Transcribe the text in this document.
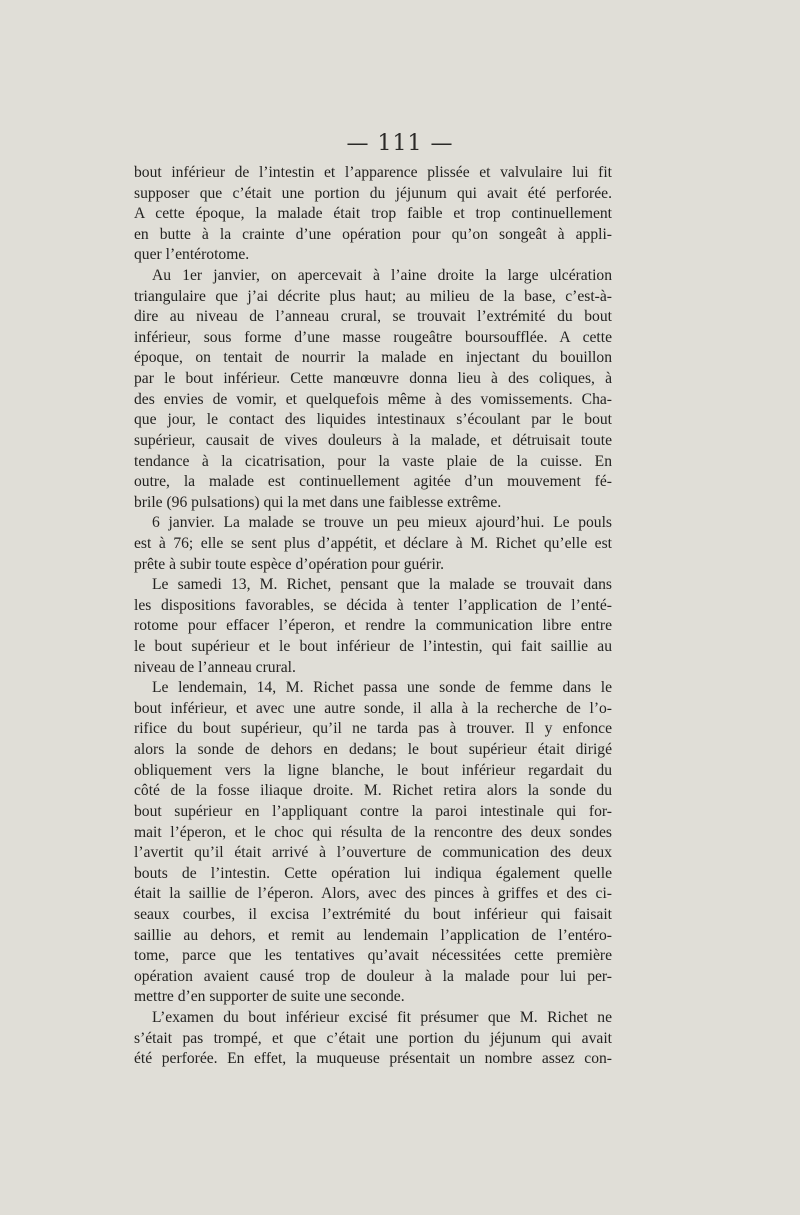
— 111 —
bout inférieur de l’intestin et l’apparence plissée et valvulaire lui fit
supposer que c’était une portion du jéjunum qui avait été perforée.
A cette époque, la malade était trop faible et trop continuellement
en butte à la crainte d’une opération pour qu’on songeât à appli-
quer l’entérotome.
Au 1er janvier, on apercevait à l’aine droite la large ulcération
triangulaire que j’ai décrite plus haut; au milieu de la base, c’est-à-
dire au niveau de l’anneau crural, se trouvait l’extrémité du bout
inférieur, sous forme d’une masse rougeâtre boursoufflée. A cette
époque, on tentait de nourrir la malade en injectant du bouillon
par le bout inférieur. Cette manœuvre donna lieu à des coliques, à
des envies de vomir, et quelquefois même à des vomissements. Cha-
que jour, le contact des liquides intestinaux s’écoulant par le bout
supérieur, causait de vives douleurs à la malade, et détruisait toute
tendance à la cicatrisation, pour la vaste plaie de la cuisse. En
outre, la malade est continuellement agitée d’un mouvement fé-
brile (96 pulsations) qui la met dans une faiblesse extrême.
6 janvier. La malade se trouve un peu mieux ajourd’hui. Le pouls
est à 76; elle se sent plus d’appétit, et déclare à M. Richet qu’elle est
prête à subir toute espèce d’opération pour guérir.
Le samedi 13, M. Richet, pensant que la malade se trouvait dans
les dispositions favorables, se décida à tenter l’application de l’enté-
rotome pour effacer l’éperon, et rendre la communication libre entre
le bout supérieur et le bout inférieur de l’intestin, qui fait saillie au
niveau de l’anneau crural.
Le lendemain, 14, M. Richet passa une sonde de femme dans le
bout inférieur, et avec une autre sonde, il alla à la recherche de l’o-
rifice du bout supérieur, qu’il ne tarda pas à trouver. Il y enfonce
alors la sonde de dehors en dedans; le bout supérieur était dirigé
obliquement vers la ligne blanche, le bout inférieur regardait du
côté de la fosse iliaque droite. M. Richet retira alors la sonde du
bout supérieur en l’appliquant contre la paroi intestinale qui for-
mait l’éperon, et le choc qui résulta de la rencontre des deux sondes
l’avertit qu’il était arrivé à l’ouverture de communication des deux
bouts de l’intestin. Cette opération lui indiqua également quelle
était la saillie de l’éperon. Alors, avec des pinces à griffes et des ci-
seaux courbes, il excisa l’extrémité du bout inférieur qui faisait
saillie au dehors, et remit au lendemain l’application de l’entéro-
tome, parce que les tentatives qu’avait nécessitées cette première
opération avaient causé trop de douleur à la malade pour lui per-
mettre d’en supporter de suite une seconde.
L’examen du bout inférieur excisé fit présumer que M. Richet ne
s’était pas trompé, et que c’était une portion du jéjunum qui avait
été perforée. En effet, la muqueuse présentait un nombre assez con-
